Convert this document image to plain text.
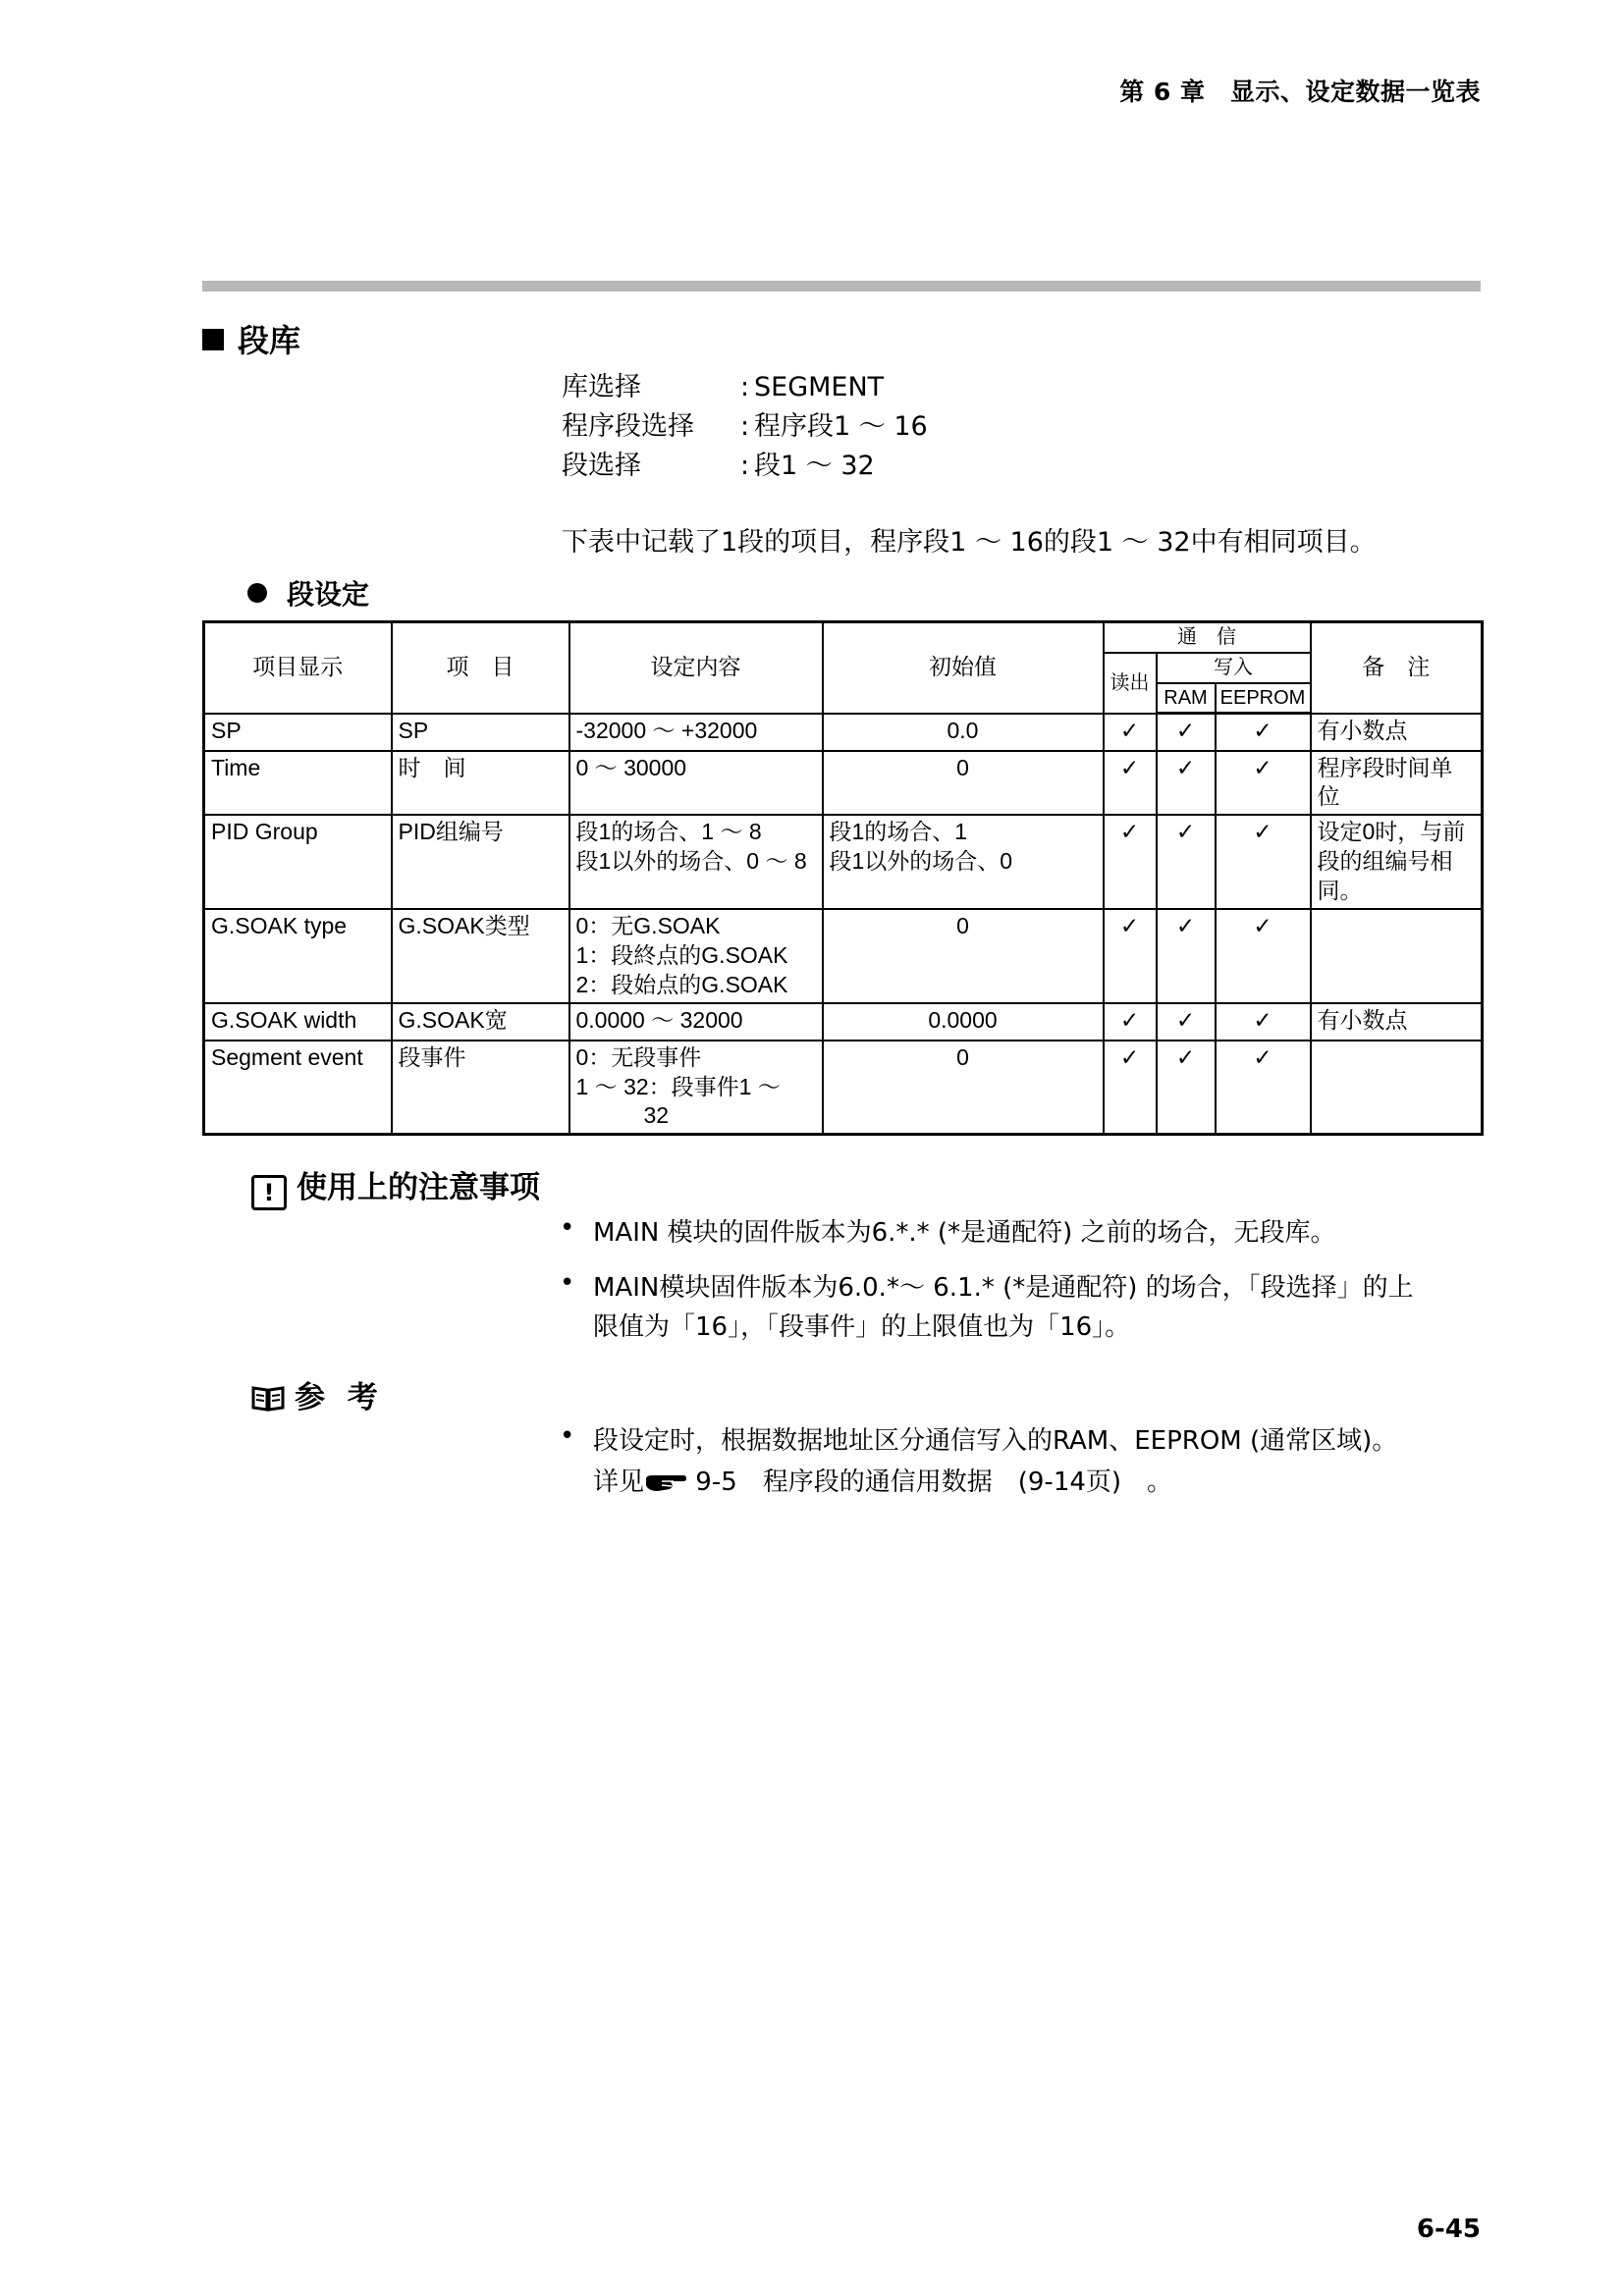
第 6 章　显示、设定数据一览表
段库
库选择	: SEGMENT
程序段选择 : 程序段1 ～ 16
段选择	: 段1 ～ 32
下表中记载了1段的项目，程序段1 ～ 16的段1 ～ 32中有相同项目。
段设定
项目显示	项　目	设定内容	初始值	通　信			备　注
				读出	写入		
					RAM	EEPROM	
SP	SP	-32000 ～ +32000	0.0	✓	✓	✓	有小数点
Time	时　间	0 ～ 30000	0	✓	✓	✓	程序段时间单位
PID Group	PID组编号	段1的场合、1 ～ 8
段1以外的场合、0 ～ 8	段1的场合、1
段1以外的场合、0	✓	✓	✓	设定0时，与前段的组编号相同。
G.SOAK type	G.SOAK类型	0：无G.SOAK
1：段終点的G.SOAK
2：段始点的G.SOAK	0	✓	✓	✓	
G.SOAK width	G.SOAK宽	0.0000 ～ 32000	0.0000	✓	✓	✓	有小数点
Segment event	段事件	0：无段事件
1 ～ 32：段事件1 ～
　　　32	0	✓	✓	✓	
! 使用上的注意事项
• MAIN 模块的固件版本为6.*.* (*是通配符) 之前的场合，无段库。
• MAIN模块固件版本为6.0.*～ 6.1.* (*是通配符) 的场合，「段选择」的上
限值为「16」，「段事件」的上限值也为「16」。
参 考
• 段设定时，根据数据地址区分通信写入的RAM、EEPROM (通常区域)。
详见 9-5　程序段的通信用数据　(9-14页)　。
6-45
